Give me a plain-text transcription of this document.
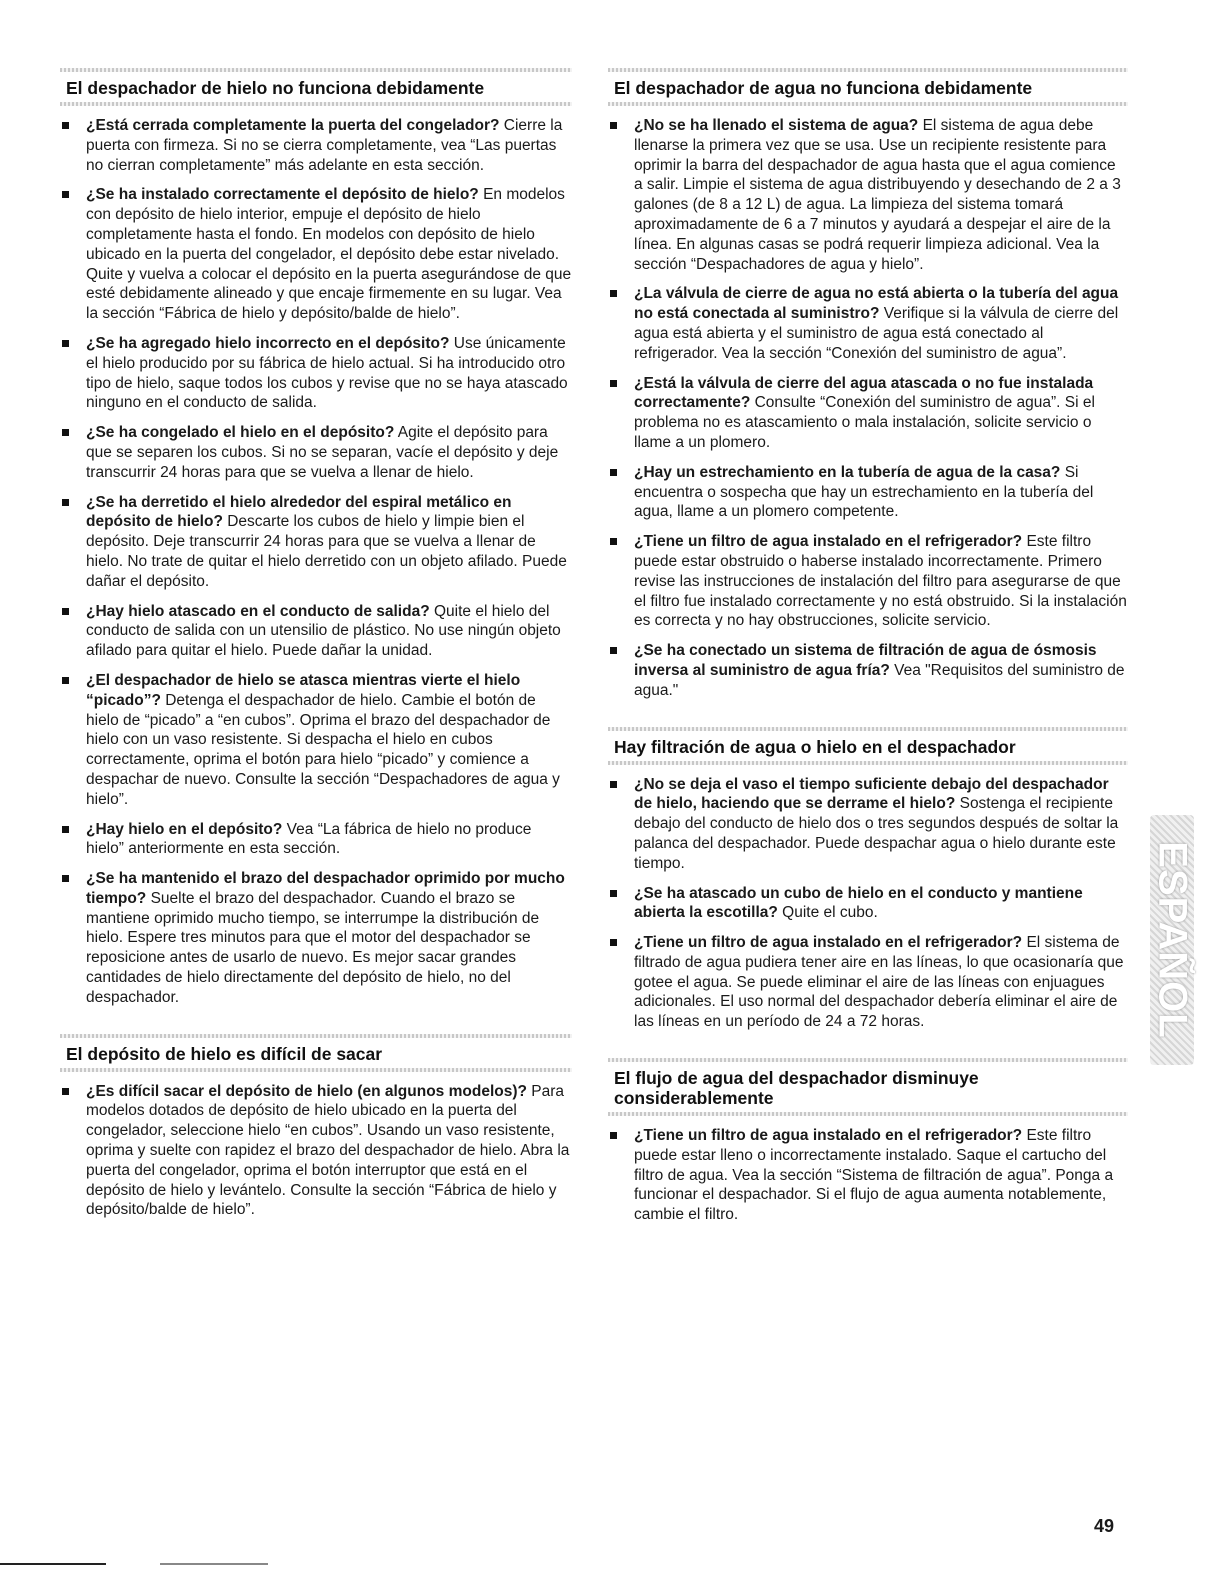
El despachador de hielo no funciona debidamente
¿Está cerrada completamente la puerta del congelador? Cierre la puerta con firmeza. Si no se cierra completamente, vea “Las puertas no cierran completamente” más adelante en esta sección.
¿Se ha instalado correctamente el depósito de hielo? En modelos con depósito de hielo interior, empuje el depósito de hielo completamente hasta el fondo. En modelos con depósito de hielo ubicado en la puerta del congelador, el depósito debe estar nivelado. Quite y vuelva a colocar el depósito en la puerta asegurándose de que esté debidamente alineado y que encaje firmemente en su lugar. Vea la sección “Fábrica de hielo y depósito/balde de hielo”.
¿Se ha agregado hielo incorrecto en el depósito? Use únicamente el hielo producido por su fábrica de hielo actual. Si ha introducido otro tipo de hielo, saque todos los cubos y revise que no se haya atascado ninguno en el conducto de salida.
¿Se ha congelado el hielo en el depósito? Agite el depósito para que se separen los cubos. Si no se separan, vacíe el depósito y deje transcurrir 24 horas para que se vuelva a llenar de hielo.
¿Se ha derretido el hielo alrededor del espiral metálico en depósito de hielo? Descarte los cubos de hielo y limpie bien el depósito. Deje transcurrir 24 horas para que se vuelva a llenar de hielo. No trate de quitar el hielo derretido con un objeto afilado. Puede dañar el depósito.
¿Hay hielo atascado en el conducto de salida? Quite el hielo del conducto de salida con un utensilio de plástico. No use ningún objeto afilado para quitar el hielo. Puede dañar la unidad.
¿El despachador de hielo se atasca mientras vierte el hielo “picado”? Detenga el despachador de hielo. Cambie el botón de hielo de “picado” a “en cubos”. Oprima el brazo del despachador de hielo con un vaso resistente. Si despacha el hielo en cubos correctamente, oprima el botón para hielo “picado” y comience a despachar de nuevo. Consulte la sección “Despachadores de agua y hielo”.
¿Hay hielo en el depósito? Vea “La fábrica de hielo no produce hielo” anteriormente en esta sección.
¿Se ha mantenido el brazo del despachador oprimido por mucho tiempo? Suelte el brazo del despachador. Cuando el brazo se mantiene oprimido mucho tiempo, se interrumpe la distribución de hielo. Espere tres minutos para que el motor del despachador se reposicione antes de usarlo de nuevo. Es mejor sacar grandes cantidades de hielo directamente del depósito de hielo, no del despachador.
El depósito de hielo es difícil de sacar
¿Es difícil sacar el depósito de hielo (en algunos modelos)? Para modelos dotados de depósito de hielo ubicado en la puerta del congelador, seleccione hielo “en cubos”. Usando un vaso resistente, oprima y suelte con rapidez el brazo del despachador de hielo. Abra la puerta del congelador, oprima el botón interruptor que está en el depósito de hielo y levántelo. Consulte la sección “Fábrica de hielo y depósito/balde de hielo”.
El despachador de agua no funciona debidamente
¿No se ha llenado el sistema de agua? El sistema de agua debe llenarse la primera vez que se usa. Use un recipiente resistente para oprimir la barra del despachador de agua hasta que el agua comience a salir. Limpie el sistema de agua distribuyendo y desechando de 2 a 3 galones (de 8 a 12 L) de agua. La limpieza del sistema tomará aproximadamente de 6 a 7 minutos y ayudará a despejar el aire de la línea. En algunas casas se podrá requerir limpieza adicional. Vea la sección “Despachadores de agua y hielo”.
¿La válvula de cierre de agua no está abierta o la tubería del agua no está conectada al suministro? Verifique si la válvula de cierre del agua está abierta y el suministro de agua está conectado al refrigerador. Vea la sección “Conexión del suministro de agua”.
¿Está la válvula de cierre del agua atascada o no fue instalada correctamente? Consulte “Conexión del suministro de agua”. Si el problema no es atascamiento o mala instalación, solicite servicio o llame a un plomero.
¿Hay un estrechamiento en la tubería de agua de la casa? Si encuentra o sospecha que hay un estrechamiento en la tubería del agua, llame a un plomero competente.
¿Tiene un filtro de agua instalado en el refrigerador? Este filtro puede estar obstruido o haberse instalado incorrectamente. Primero revise las instrucciones de instalación del filtro para asegurarse de que el filtro fue instalado correctamente y no está obstruido. Si la instalación es correcta y no hay obstrucciones, solicite servicio.
¿Se ha conectado un sistema de filtración de agua de ósmosis inversa al suministro de agua fría? Vea "Requisitos del suministro de agua."
Hay filtración de agua o hielo en el despachador
¿No se deja el vaso el tiempo suficiente debajo del despachador de hielo, haciendo que se derrame el hielo? Sostenga el recipiente debajo del conducto de hielo dos o tres segundos después de soltar la palanca del despachador. Puede despachar agua o hielo durante este tiempo.
¿Se ha atascado un cubo de hielo en el conducto y mantiene abierta la escotilla? Quite el cubo.
¿Tiene un filtro de agua instalado en el refrigerador? El sistema de filtrado de agua pudiera tener aire en las líneas, lo que ocasionaría que gotee el agua. Se puede eliminar el aire de las líneas con enjuagues adicionales. El uso normal del despachador debería eliminar el aire de las líneas en un período de 24 a 72 horas.
El flujo de agua del despachador disminuye considerablemente
¿Tiene un filtro de agua instalado en el refrigerador? Este filtro puede estar lleno o incorrectamente instalado. Saque el cartucho del filtro de agua. Vea la sección “Sistema de filtración de agua”. Ponga a funcionar el despachador. Si el flujo de agua aumenta notablemente, cambie el filtro.
ESPAÑOL
49
